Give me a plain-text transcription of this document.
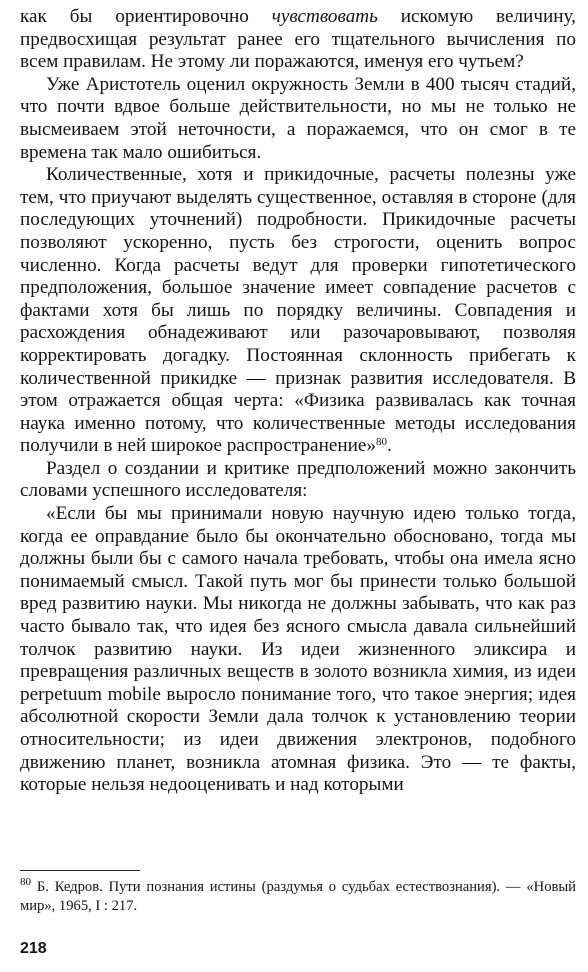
как бы ориентировочно чувствовать искомую величину, предвосхищая результат ранее его тщательного вычисления по всем правилам. Не этому ли поражаются, именуя его чутьем?

Уже Аристотель оценил окружность Земли в 400 тысяч стадий, что почти вдвое больше действительности, но мы не только не высмеиваем этой неточности, а поражаемся, что он смог в те времена так мало ошибиться.

Количественные, хотя и прикидочные, расчеты полезны уже тем, что приучают выделять существенное, оставляя в стороне (для последующих уточнений) подробности. Прикидочные расчеты позволяют ускоренно, пусть без строгости, оценить вопрос численно. Когда расчеты ведут для проверки гипотетического предположения, большое значение имеет совпадение расчетов с фактами хотя бы лишь по порядку величины. Совпадения и расхождения обнадеживают или разочаровывают, позволяя корректировать догадку. Постоянная склонность прибегать к количественной прикидке — признак развития исследователя. В этом отражается общая черта: «Физика развивалась как точная наука именно потому, что количественные методы исследования получили в ней широкое распространение»$^{80}$.

Раздел о создании и критике предположений можно закончить словами успешного исследователя:

«Если бы мы принимали новую научную идею только тогда, когда ее оправдание было бы окончательно обоснованo, тогда мы должны были бы с самого начала требовать, чтобы она имела ясно понимаемый смысл. Такой путь мог бы принести только большой вред развитию науки. Мы никогда не должны забывать, что как раз часто бывало так, что идея без ясного смысла давала сильнейший толчок развитию науки. Из идеи жизненного эликсира и превращения различных веществ в золото возникла химия, из идеи perpetuum mobile выросло понимание того, что такое энергия; идея абсолютной скорости Земли дала толчок к установлению теории относительности; из идеи движения электронов, подобного движению планет, возникла атомная физика. Это — те факты, которые нельзя недооценивать и над которыми

$^{80}$ Б. Кедров. Пути познания истины (раздумья о судьбах естествознания). — «Новый мир», 1965, I : 217.

218
